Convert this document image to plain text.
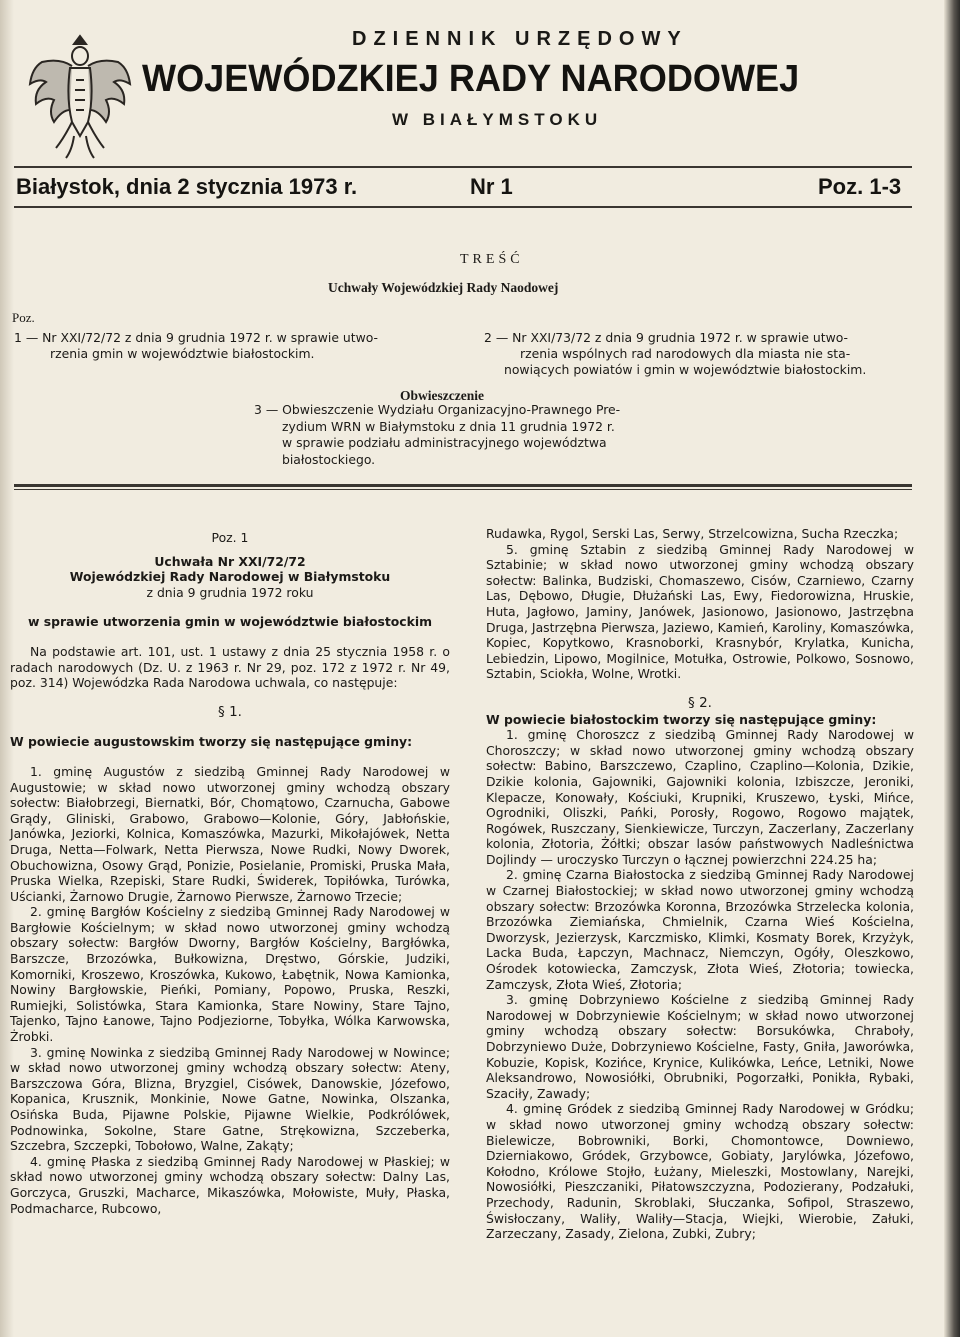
DZIENNIK URZĘDOWY
WOJEWÓDZKIEJ RADY NARODOWEJ
W BIAŁYMSTOKU
Białystok, dnia 2 stycznia 1973 r.	Nr 1	Poz. 1-3
TREŚĆ
Uchwały Wojewódzkiej Rady Naodowej
Poz.
1 — Nr XXI/72/72 z dnia 9 grudnia 1972 r. w sprawie utwo-
rzenia gmin w województwie białostockim.
2 — Nr XXI/73/72 z dnia 9 grudnia 1972 r. w sprawie utwo-
rzenia wspólnych rad narodowych dla miasta nie sta-
nowiących powiatów i gmin w województwie białostockim.
Obwieszczenie
3 — Obwieszczenie Wydziału Organizacyjno-Prawnego Pre-
zydium WRN w Białymstoku z dnia 11 grudnia 1972 r.
w sprawie podziału administracyjnego województwa
białostockiego.
Poz. 1
Uchwała Nr XXI/72/72
Wojewódzkiej Rady Narodowej w Białymstoku
z dnia 9 grudnia 1972 roku
w sprawie utworzenia gmin w województwie białostockim
Na podstawie art. 101, ust. 1 ustawy z dnia 25 stycznia 1958 r. o radach narodowych (Dz. U. z 1963 r. Nr 29, poz. 172 z 1972 r. Nr 49, poz. 314) Wojewódzka Rada Narodowa uchwala, co następuje:
§ 1.
W powiecie augustowskim tworzy się następujące gminy:
1. gminę Augustów z siedzibą Gminnej Rady Narodowej w Augustowie; w skład nowo utworzonej gminy wchodzą obszary sołectw: Białobrzegi, Biernatki, Bór, Chomątowo, Czarnucha, Gabowe Grądy, Gliniski, Grabowo, Grabowo—Kolonie, Góry, Jabłońskie, Janówka, Jeziorki, Kolnica, Komaszówka, Mazurki, Mikołajówek, Netta Druga, Netta—Folwark, Netta Pierwsza, Nowe Rudki, Nowy Dworek, Obuchowizna, Osowy Grąd, Ponizie, Posielanie, Promiski, Pruska Mała, Pruska Wielka, Rzepiski, Stare Rudki, Świderek, Topiłówka, Turówka, Uścianki, Żarnowo Drugie, Żarnowo Pierwsze, Żarnowo Trzecie;
2. gminę Bargłów Kościelny z siedzibą Gminnej Rady Narodowej w Bargłowie Kościelnym; w skład nowo utworzonej gminy wchodzą obszary sołectw: Bargłów Dworny, Bargłów Kościelny, Bargłówka, Barszcze, Brzozówka, Bułkowizna, Dręstwo, Górskie, Judziki, Komorniki, Kroszewo, Kroszówka, Kukowo, Łabętnik, Nowa Kamionka, Nowiny Bargłowskie, Pieńki, Pomiany, Popowo, Pruska, Reszki, Rumiejki, Solistówka, Stara Kamionka, Stare Nowiny, Stare Tajno, Tajenko, Tajno Łanowe, Tajno Podjeziorne, Tobyłka, Wólka Karwowska, Żrobki.
3. gminę Nowinka z siedzibą Gminnej Rady Narodowej w Nowince; w skład nowo utworzonej gminy wchodzą obszary sołectw: Ateny, Barszczowa Góra, Blizna, Bryzgiel, Cisówek, Danowskie, Józefowo, Kopanica, Krusznik, Monkinie, Nowe Gatne, Nowinka, Olszanka, Osińska Buda, Pijawne Polskie, Pijawne Wielkie, Podkrólówek, Podnowinka, Sokolne, Stare Gatne, Strękowizna, Szczeberka, Szczebra, Szczepki, Tobołowo, Walne, Zakąty;
4. gminę Płaska z siedzibą Gminnej Rady Narodowej w Płaskiej; w skład nowo utworzonej gminy wchodzą obszary sołectw: Dalny Las, Gorczyca, Gruszki, Macharce, Mikaszówka, Mołowiste, Muły, Płaska, Podmacharce, Rubcowo,
Rudawka, Rygol, Serski Las, Serwy, Strzelcowizna, Sucha Rzeczka;
5. gminę Sztabin z siedzibą Gminnej Rady Narodowej w Sztabinie; w skład nowo utworzonej gminy wchodzą obszary sołectw: Balinka, Budziski, Chomaszewo, Cisów, Czarniewo, Czarny Las, Dębowo, Długie, Dłużański Las, Ewy, Fiedorowizna, Hruskie, Huta, Jagłowo, Jaminy, Janówek, Jasionowo, Jasionowo, Jastrzębna Druga, Jastrzębna Pierwsza, Jaziewo, Kamień, Karoliny, Komaszówka, Kopiec, Kopytkowo, Krasnoborki, Krasnybór, Krylatka, Kunicha, Lebiedzin, Lipowo, Mogilnice, Motułka, Ostrowie, Polkowo, Sosnowo, Sztabin, Sciokła, Wolne, Wrotki.
§ 2.
W powiecie białostockim tworzy się następujące gminy:
1. gminę Choroszcz z siedzibą Gminnej Rady Narodowej w Choroszczy; w skład nowo utworzonej gminy wchodzą obszary sołectw: Babino, Barszczewo, Czaplino, Czaplino—Kolonia, Dzikie, Dzikie kolonia, Gajowniki, Gajowniki kolonia, Izbiszcze, Jeroniki, Klepacze, Konowały, Kościuki, Krupniki, Kruszewo, Łyski, Mińce, Ogrodniki, Oliszki, Pańki, Porosły, Rogowo, Rogowo majątek, Rogówek, Ruszczany, Sienkiewicze, Turczyn, Zaczerlany, Zaczerlany kolonia, Złotoria, Żółtki; obszar lasów państwowych Nadleśnictwa Dojlindy — uroczysko Turczyn o łącznej powierzchni 224.25 ha;
2. gminę Czarna Białostocka z siedzibą Gminnej Rady Narodowej w Czarnej Białostockiej; w skład nowo utworzonej gminy wchodzą obszary sołectw: Brzozówka Koronna, Brzozówka Strzelecka kolonia, Brzozówka Ziemiańska, Chmielnik, Czarna Wieś Kościelna, Dworzysk, Jezierzysk, Karczmisko, Klimki, Kosmaty Borek, Krzyżyk, Lacka Buda, Łapczyn, Machnacz, Niemczyn, Ogóły, Oleszkowo, Ośrodek kotowiecka, Zamczysk, Złota Wieś, Złotoria; towiecka, Zamczysk, Złota Wieś, Złotoria;
3. gminę Dobrzyniewo Kościelne z siedzibą Gminnej Rady Narodowej w Dobrzyniewie Kościelnym; w skład nowo utworzonej gminy wchodzą obszary sołectw: Borsukówka, Chraboły, Dobrzyniewo Duże, Dobrzyniewo Kościelne, Fasty, Gniła, Jaworówka, Kobuzie, Kopisk, Kozińce, Krynice, Kulikówka, Leńce, Letniki, Nowe Aleksandrowo, Nowosiółki, Obrubniki, Pogorzałki, Ponikła, Rybaki, Szaciły, Zawady;
4. gminę Gródek z siedzibą Gminnej Rady Narodowej w Gródku; w skład nowo utworzonej gminy wchodzą obszary sołectw: Bielewicze, Bobrowniki, Borki, Chomontowce, Downiewo, Dzierniakowo, Gródek, Grzybowce, Gobiaty, Jarylówka, Józefowo, Kołodno, Królowe Stojło, Łużany, Mieleszki, Mostowlany, Narejki, Nowosiółki, Pieszczaniki, Piłatowszczyzna, Podozierany, Podzałuki, Przechody, Radunin, Skroblaki, Słuczanka, Sofipol, Straszewo, Świsłoczany, Waliły, Waliły—Stacja, Wiejki, Wierobie, Załuki, Zarzeczany, Zasady, Zielona, Zubki, Zubry;
